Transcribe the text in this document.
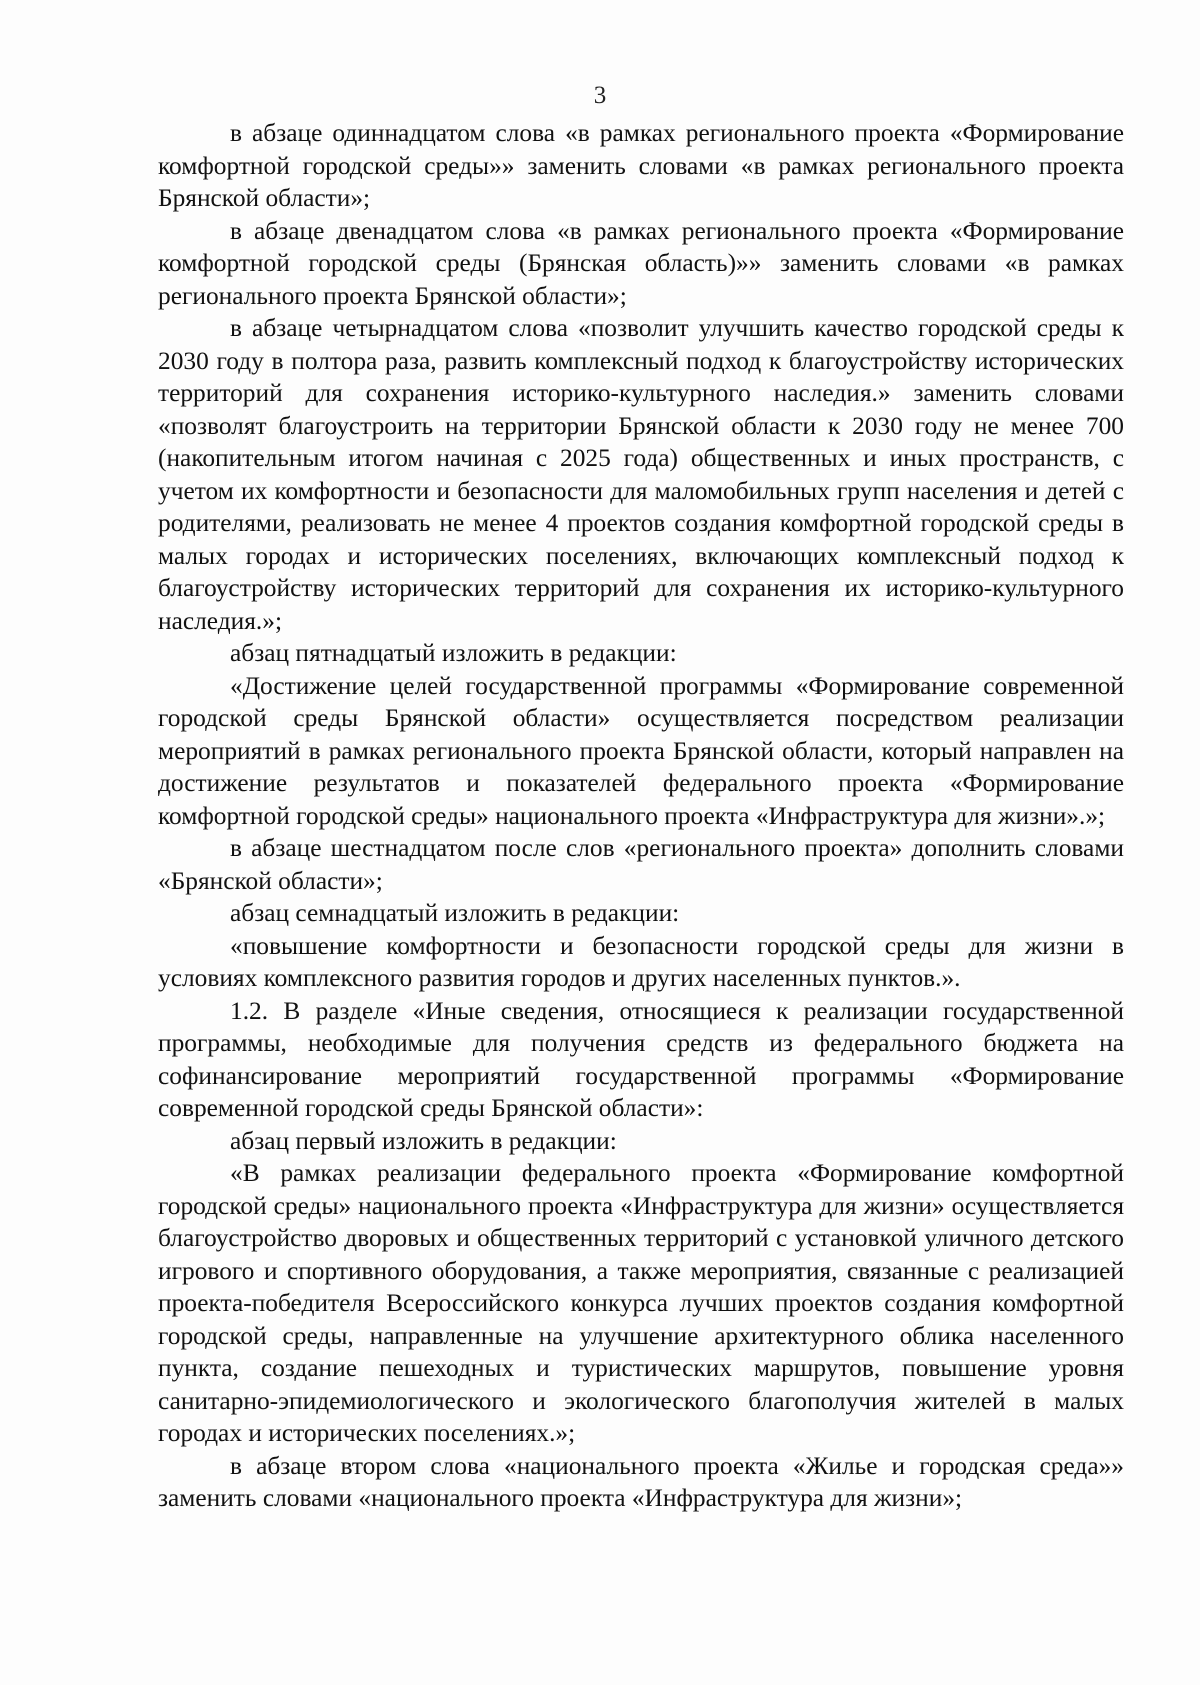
3

в абзаце одиннадцатом слова «в рамках регионального проекта «Формирование комфортной городской среды»» заменить словами «в рамках регионального проекта Брянской области»;

в абзаце двенадцатом слова «в рамках регионального проекта «Формирование комфортной городской среды (Брянская область)»» заменить словами «в рамках регионального проекта Брянской области»;

в абзаце четырнадцатом слова «позволит улучшить качество городской среды к 2030 году в полтора раза, развить комплексный подход к благоустройству исторических территорий для сохранения историко-культурного наследия.» заменить словами «позволят благоустроить на территории Брянской области к 2030 году не менее 700 (накопительным итогом начиная с 2025 года) общественных и иных пространств, с учетом их комфортности и безопасности для маломобильных групп населения и детей с родителями, реализовать не менее 4 проектов создания комфортной городской среды в малых городах и исторических поселениях, включающих комплексный подход к благоустройству исторических территорий для сохранения их историко-культурного наследия.»;

абзац пятнадцатый изложить в редакции:

«Достижение целей государственной программы «Формирование современной городской среды Брянской области» осуществляется посредством реализации мероприятий в рамках регионального проекта Брянской области, который направлен на достижение результатов и показателей федерального проекта «Формирование комфортной городской среды» национального проекта «Инфраструктура для жизни».»;

в абзаце шестнадцатом после слов «регионального проекта» дополнить словами «Брянской области»;

абзац семнадцатый изложить в редакции:

«повышение комфортности и безопасности городской среды для жизни в условиях комплексного развития городов и других населенных пунктов.».

1.2. В разделе «Иные сведения, относящиеся к реализации государственной программы, необходимые для получения средств из федерального бюджета на софинансирование мероприятий государственной программы «Формирование современной городской среды Брянской области»:

абзац первый изложить в редакции:

«В рамках реализации федерального проекта «Формирование комфортной городской среды» национального проекта «Инфраструктура для жизни» осуществляется благоустройство дворовых и общественных территорий с установкой уличного детского игрового и спортивного оборудования, а также мероприятия, связанные с реализацией проекта-победителя Всероссийского конкурса лучших проектов создания комфортной городской среды, направленные на улучшение архитектурного облика населенного пункта, создание пешеходных и туристических маршрутов, повышение уровня санитарно-эпидемиологического и экологического благополучия жителей в малых городах и исторических поселениях.»;

в абзаце втором слова «национального проекта «Жилье и городская среда»» заменить словами «национального проекта «Инфраструктура для жизни»;
